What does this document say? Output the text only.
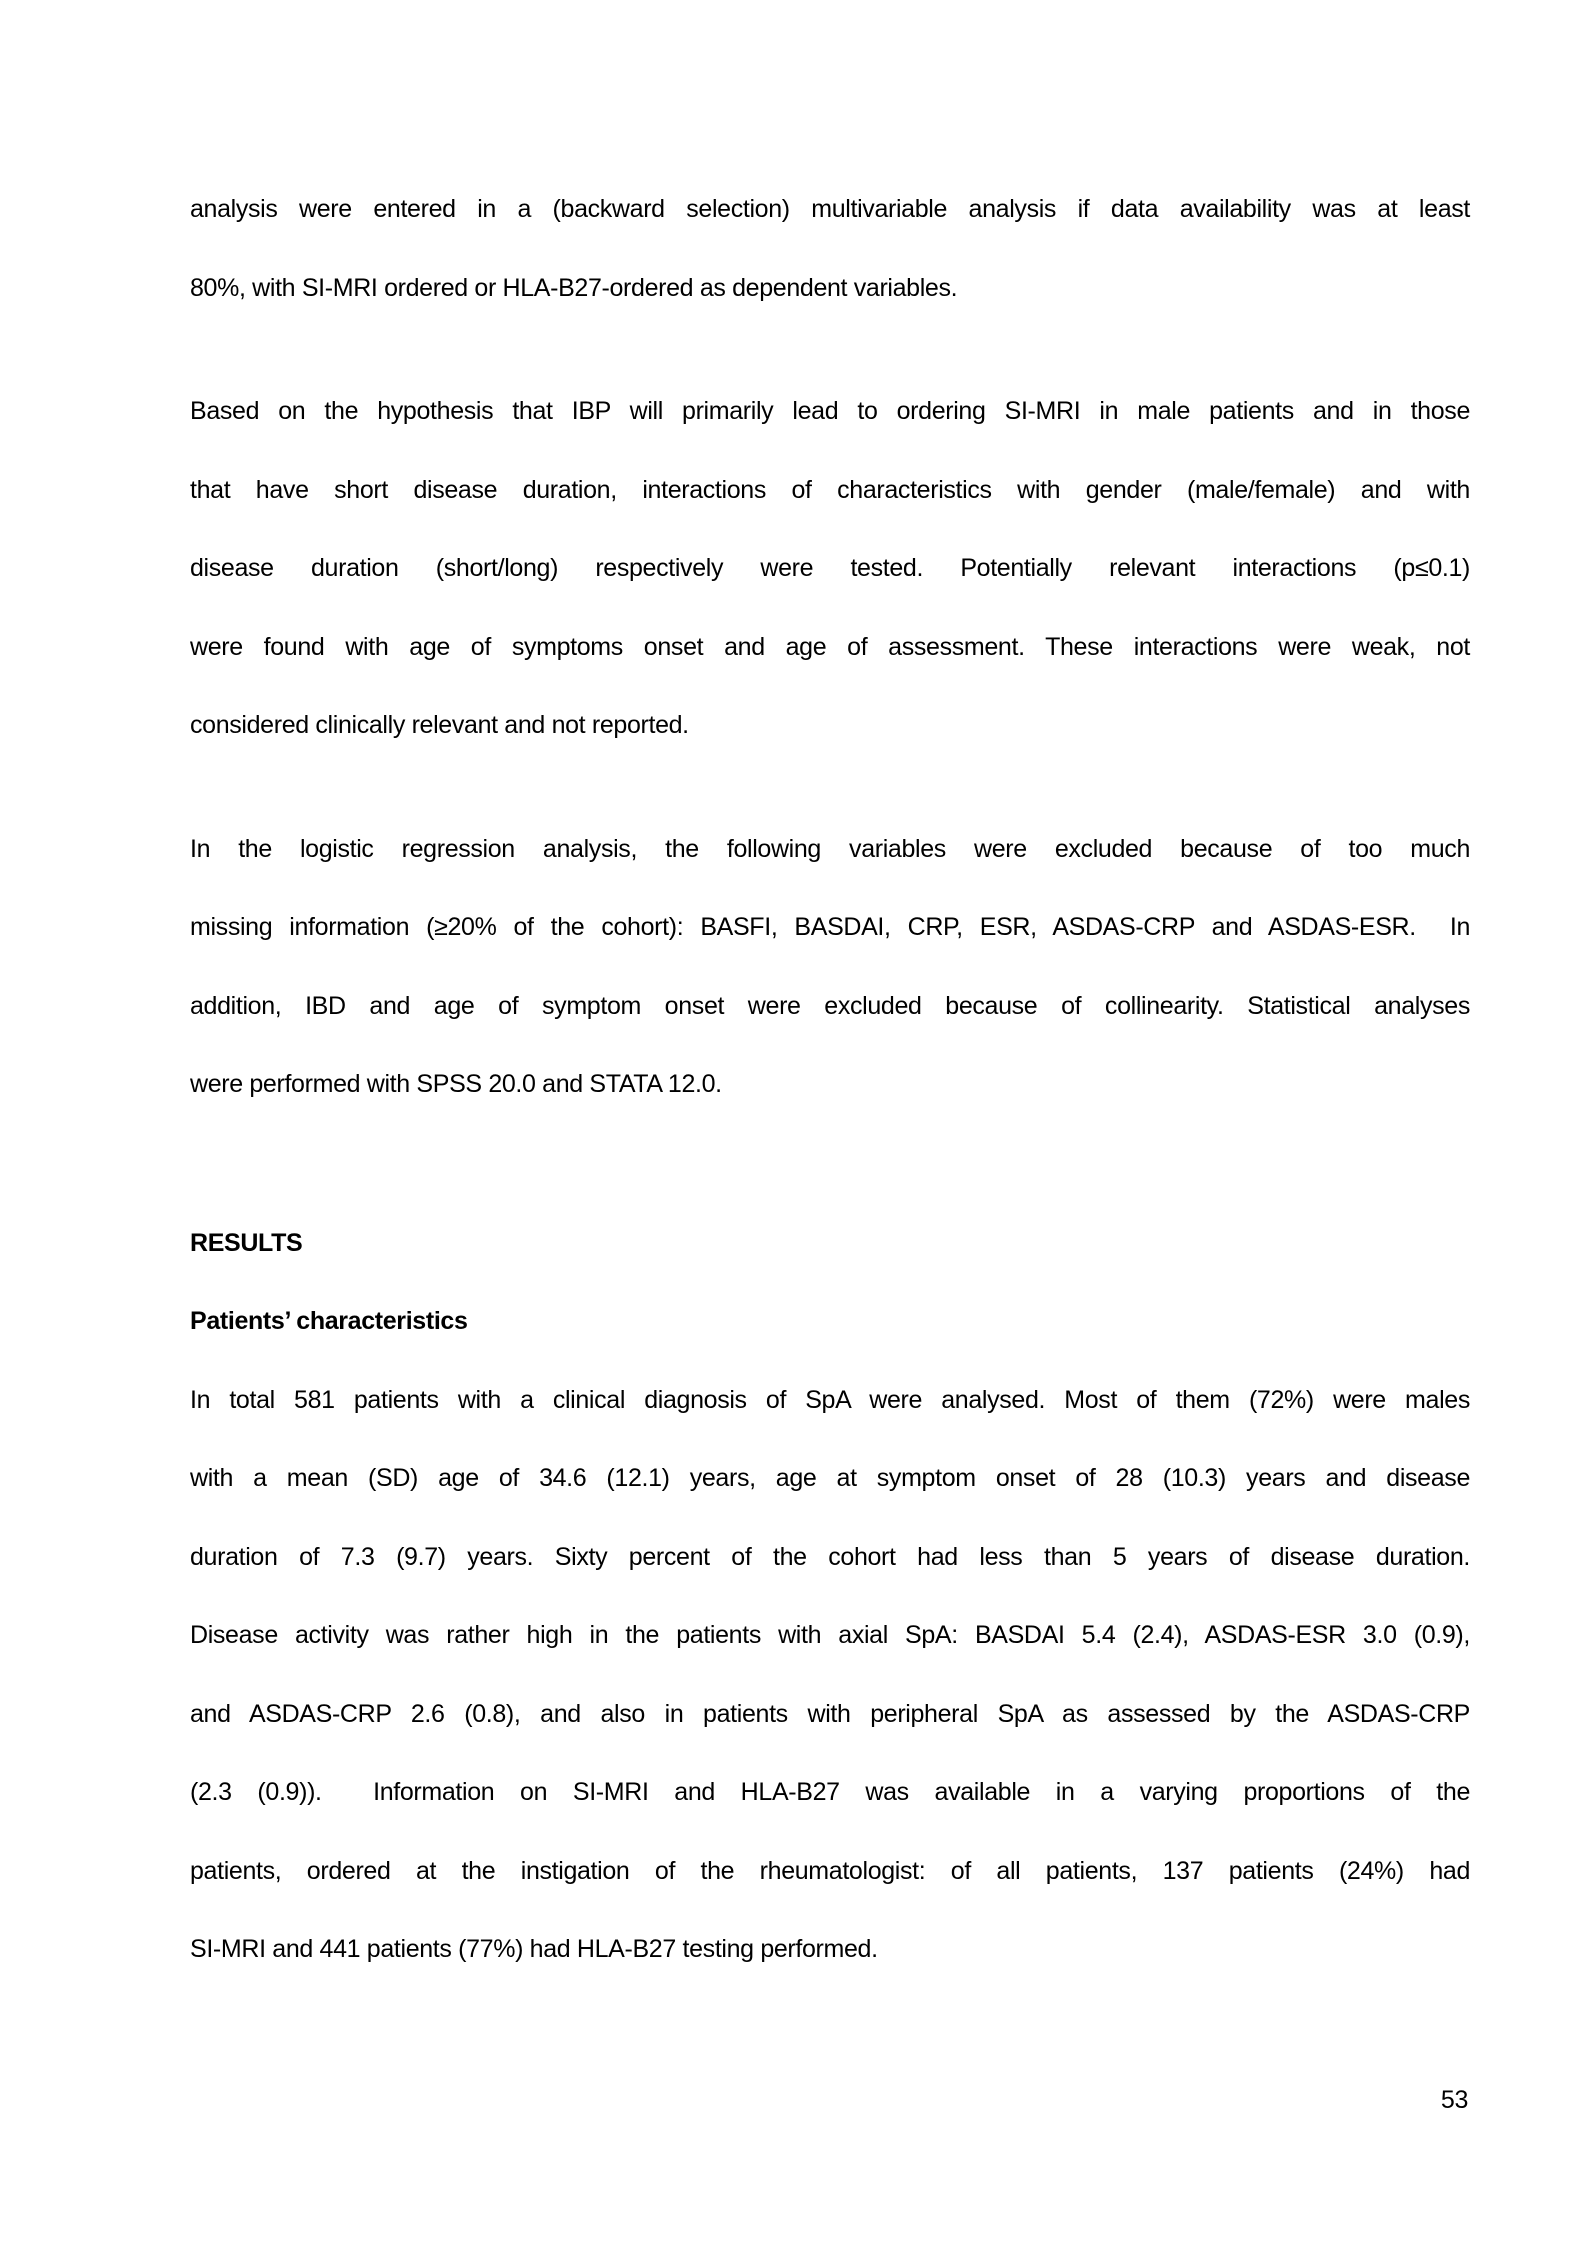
analysis were entered in a (backward selection) multivariable analysis if data availability was at least
80%, with SI-MRI ordered or HLA-B27-ordered as dependent variables.
Based on the hypothesis that IBP will primarily lead to ordering SI-MRI in male patients and in those
that have short disease duration, interactions of characteristics with gender (male/female) and with
disease duration (short/long) respectively were tested. Potentially relevant interactions (p≤0.1)
were found with age of symptoms onset and age of assessment. These interactions were weak, not
considered clinically relevant and not reported.
In the logistic regression analysis, the following variables were excluded because of too much
missing information (≥20% of the cohort): BASFI, BASDAI, CRP, ESR, ASDAS-CRP and ASDAS-ESR.  In
addition, IBD and age of symptom onset were excluded because of collinearity. Statistical analyses
were performed with SPSS 20.0 and STATA 12.0.
RESULTS
Patients’ characteristics
In total 581 patients with a clinical diagnosis of SpA were analysed. Most of them (72%) were males
with a mean (SD) age of 34.6 (12.1) years, age at symptom onset of 28 (10.3) years and disease
duration of 7.3 (9.7) years. Sixty percent of the cohort had less than 5 years of disease duration.
Disease activity was rather high in the patients with axial SpA: BASDAI 5.4 (2.4), ASDAS-ESR 3.0 (0.9),
and ASDAS-CRP 2.6 (0.8), and also in patients with peripheral SpA as assessed by the ASDAS-CRP
(2.3 (0.9)).  Information on SI-MRI and HLA-B27 was available in a varying proportions of the
patients, ordered at the instigation of the rheumatologist: of all patients, 137 patients (24%) had
SI-MRI and 441 patients (77%) had HLA-B27 testing performed.
53
